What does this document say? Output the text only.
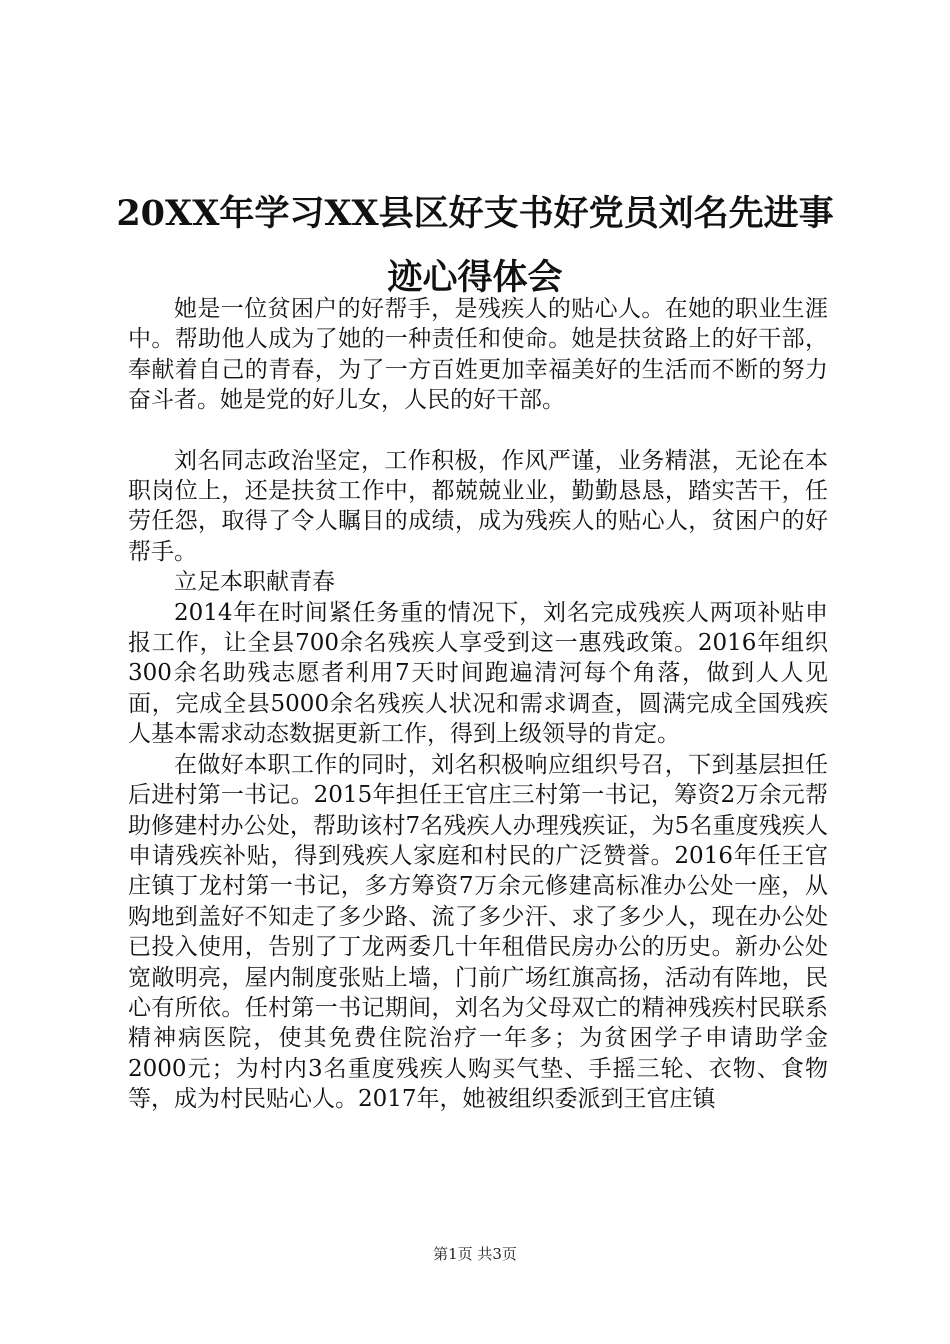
20XX年学习XX县区好支书好党员刘名先进事
迹心得体会

她是一位贫困户的好帮手，是残疾人的贴心人。在她的职业生涯中。帮助他人成为了她的一种责任和使命。她是扶贫路上的好干部，奉献着自己的青春，为了一方百姓更加幸福美好的生活而不断的努力奋斗者。她是党的好儿女，人民的好干部。

刘名同志政治坚定，工作积极，作风严谨，业务精湛，无论在本职岗位上，还是扶贫工作中，都兢兢业业，勤勤恳恳，踏实苦干，任劳任怨，取得了令人瞩目的成绩，成为残疾人的贴心人，贫困户的好帮手。

立足本职献青春

2014年在时间紧任务重的情况下，刘名完成残疾人两项补贴申报工作，让全县700余名残疾人享受到这一惠残政策。2016年组织300余名助残志愿者利用7天时间跑遍清河每个角落，做到人人见面，完成全县5000余名残疾人状况和需求调查，圆满完成全国残疾人基本需求动态数据更新工作，得到上级领导的肯定。

在做好本职工作的同时，刘名积极响应组织号召，下到基层担任后进村第一书记。2015年担任王官庄三村第一书记，筹资2万余元帮助修建村办公处，帮助该村7名残疾人办理残疾证，为5名重度残疾人申请残疾补贴，得到残疾人家庭和村民的广泛赞誉。2016年任王官庄镇丁龙村第一书记，多方筹资7万余元修建高标准办公处一座，从购地到盖好不知走了多少路、流了多少汗、求了多少人，现在办公处已投入使用，告别了丁龙两委几十年租借民房办公的历史。新办公处宽敞明亮，屋内制度张贴上墙，门前广场红旗高扬，活动有阵地，民心有所依。任村第一书记期间，刘名为父母双亡的精神残疾村民联系精神病医院，使其免费住院治疗一年多；为贫困学子申请助学金2000元；为村内3名重度残疾人购买气垫、手摇三轮、衣物、食物等，成为村民贴心人。2017年，她被组织委派到王官庄镇

第1页 共3页
